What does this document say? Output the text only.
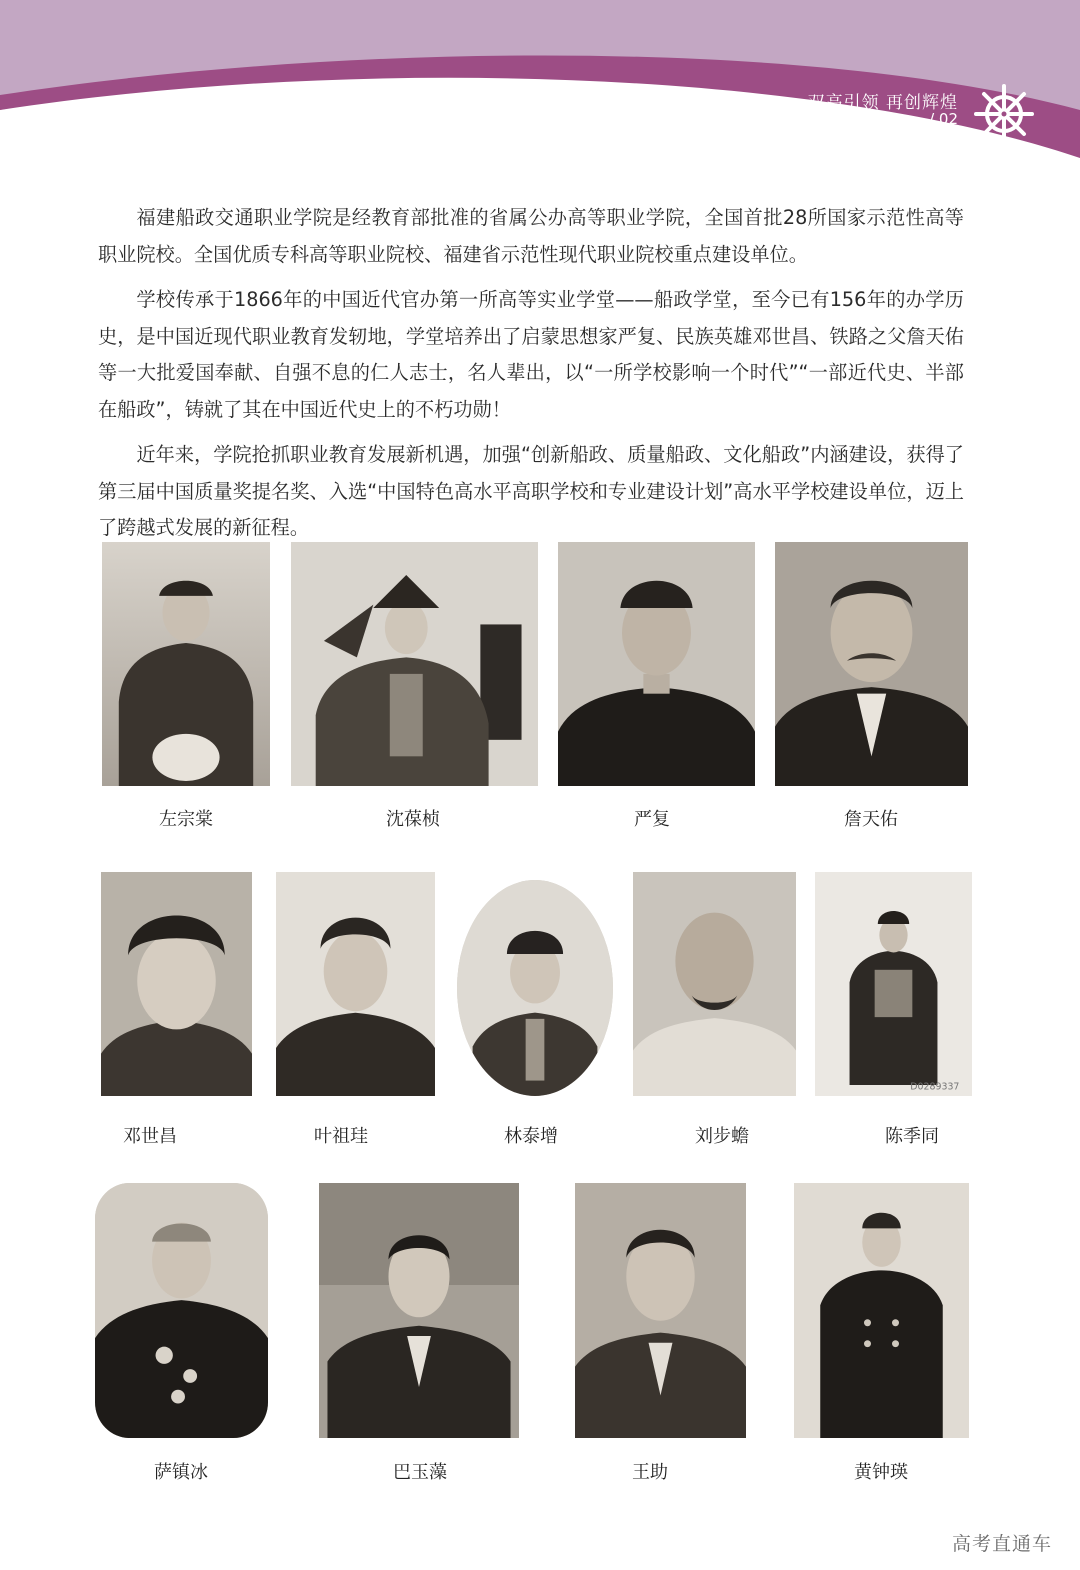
双高引领 再创辉煌
/ 02

福建船政交通职业学院是经教育部批准的省属公办高等职业学院，全国首批28所国家示范性高等职业院校。全国优质专科高等职业院校、福建省示范性现代职业院校重点建设单位。

学校传承于1866年的中国近代官办第一所高等实业学堂——船政学堂，至今已有156年的办学历史，是中国近现代职业教育发轫地，学堂培养出了启蒙思想家严复、民族英雄邓世昌、铁路之父詹天佑等一大批爱国奉献、自强不息的仁人志士，名人辈出，以“一所学校影响一个时代”“一部近代史、半部在船政”，铸就了其在中国近代史上的不朽功勋！

近年来，学院抢抓职业教育发展新机遇，加强“创新船政、质量船政、文化船政”内涵建设，获得了第三届中国质量奖提名奖、入选“中国特色高水平高职学校和专业建设计划”高水平学校建设单位，迈上了跨越式发展的新征程。

左宗棠	沈葆桢	严复	詹天佑
D0289337
邓世昌	叶祖珪	林泰增	刘步蟾	陈季同
萨镇冰	巴玉藻	王助	黄钟瑛
高考直通车
